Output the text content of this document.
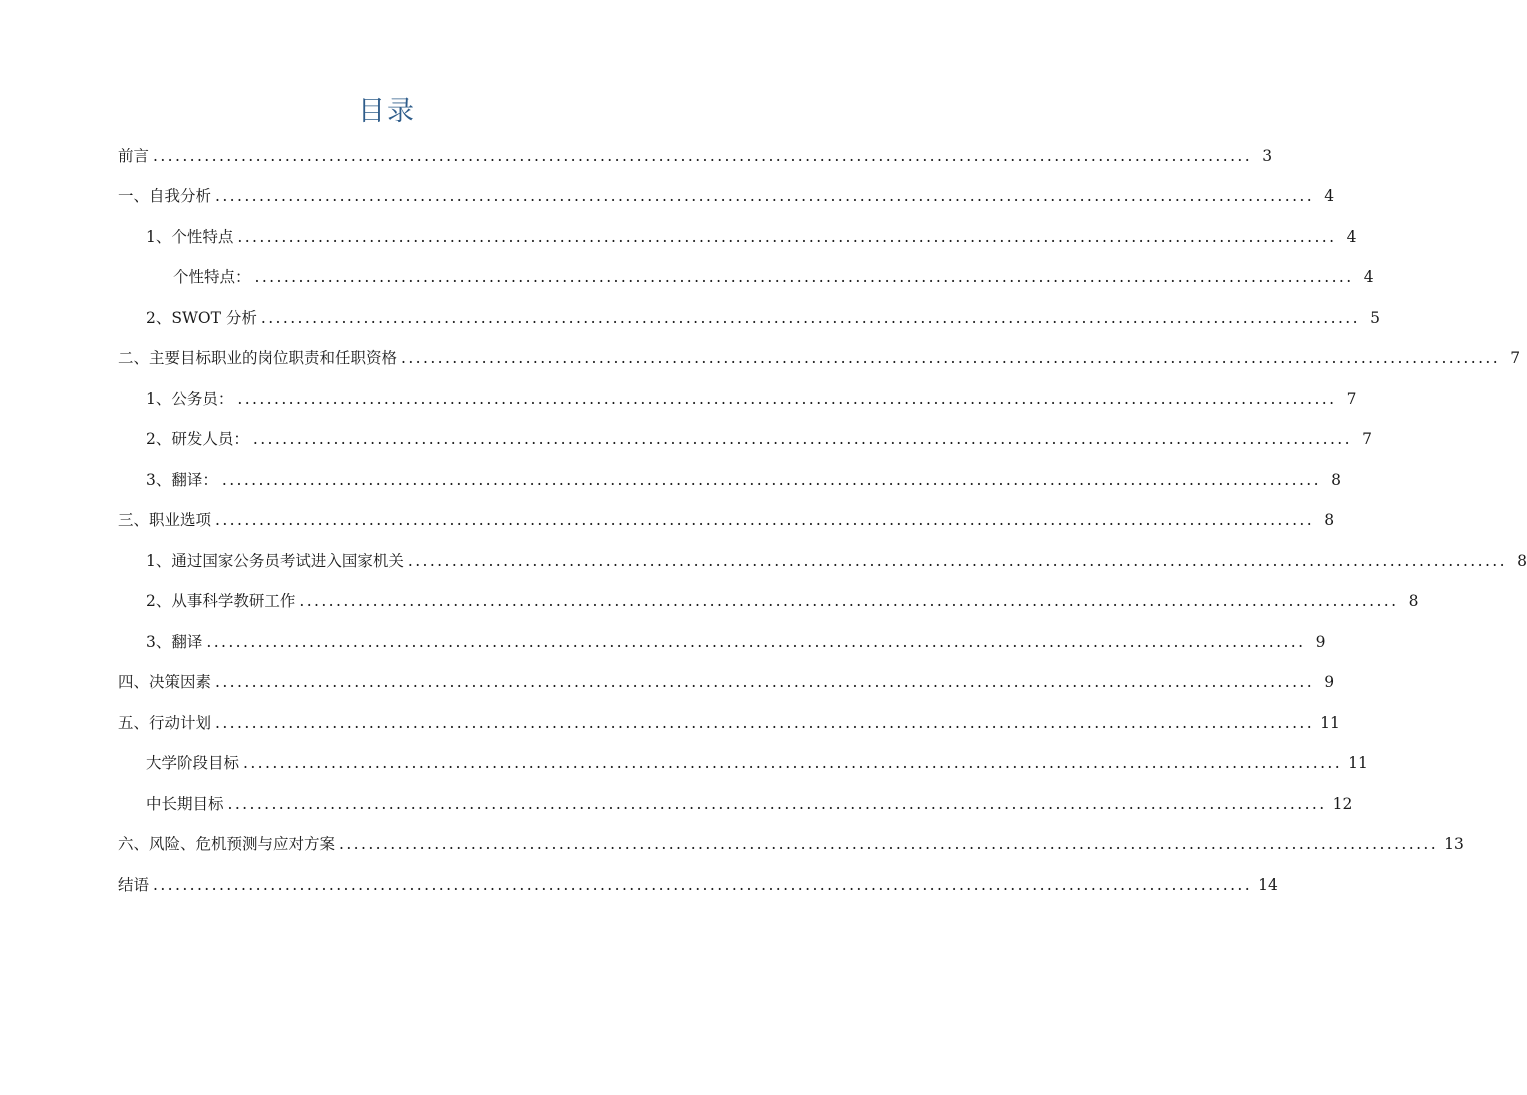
目录
前言 ...................................................................................................................................................... 3
一、自我分析 ...................................................................................................................................................... 4
1、个性特点 ...................................................................................................................................................... 4
个性特点： ...................................................................................................................................................... 4
2、SWOT 分析 ...................................................................................................................................................... 5
二、主要目标职业的岗位职责和任职资格 ...................................................................................................................................................... 7
1、公务员： ...................................................................................................................................................... 7
2、研发人员： ...................................................................................................................................................... 7
3、翻译： ...................................................................................................................................................... 8
三、职业选项 ...................................................................................................................................................... 8
1、通过国家公务员考试进入国家机关 ...................................................................................................................................................... 8
2、从事科学教研工作 ...................................................................................................................................................... 8
3、翻译 ...................................................................................................................................................... 9
四、决策因素 ...................................................................................................................................................... 9
五、行动计划 ...................................................................................................................................................... 11
大学阶段目标 ...................................................................................................................................................... 11
中长期目标 ...................................................................................................................................................... 12
六、风险、危机预测与应对方案 ...................................................................................................................................................... 13
结语 ...................................................................................................................................................... 14
